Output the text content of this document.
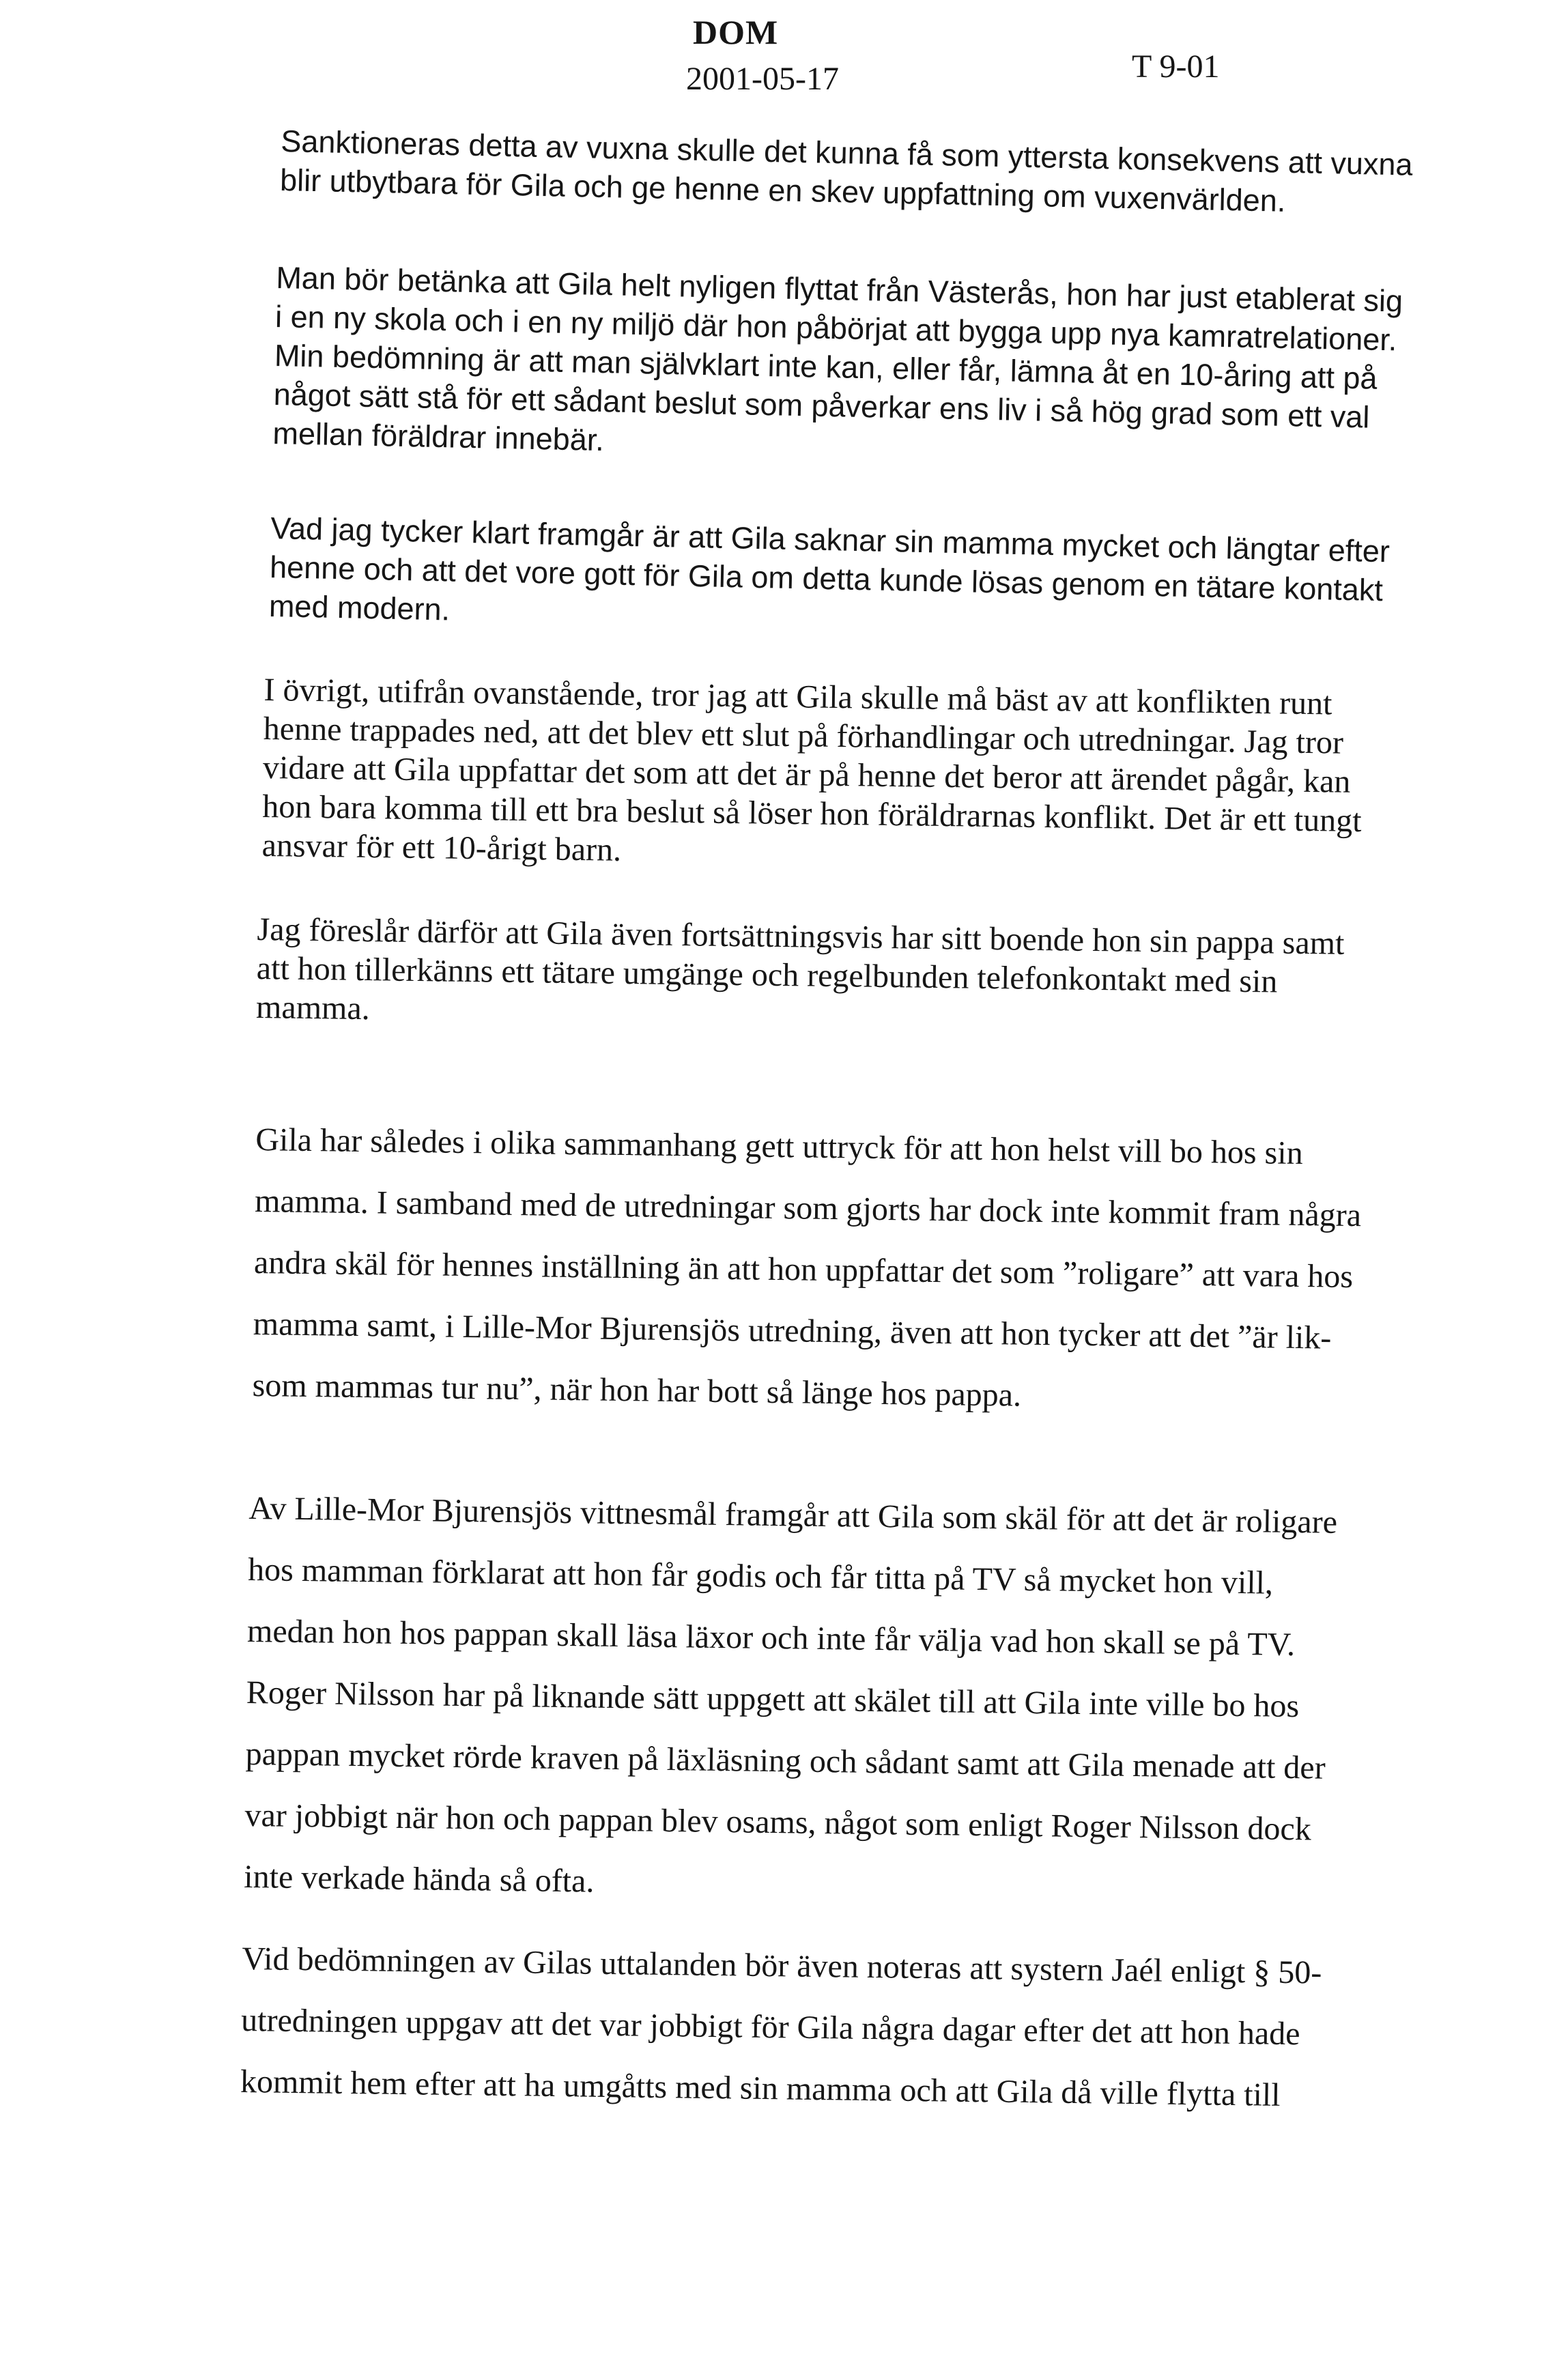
DOM

2001-05-17	T 9-01

Sanktioneras detta av vuxna skulle det kunna få som yttersta konsekvens att vuxna
blir utbytbara för Gila och ge henne en skev uppfattning om vuxenvärlden.

Man bör betänka att Gila helt nyligen flyttat från Västerås, hon har just etablerat sig
i en ny skola och i en ny miljö där hon påbörjat att bygga upp nya kamratrelationer.
Min bedömning är att man självklart inte kan, eller får, lämna åt en 10-åring att på
något sätt stå för ett sådant beslut som påverkar ens liv i så hög grad som ett val
mellan föräldrar innebär.

Vad jag tycker klart framgår är att Gila saknar sin mamma mycket och längtar efter
henne och att det vore gott för Gila om detta kunde lösas genom en tätare kontakt
med modern.

I övrigt, utifrån ovanstående, tror jag att Gila skulle må bäst av att konflikten runt
henne trappades ned, att det blev ett slut på förhandlingar och utredningar. Jag tror
vidare att Gila uppfattar det som att det är på henne det beror att ärendet pågår, kan
hon bara komma till ett bra beslut så löser hon föräldrarnas konflikt. Det är ett tungt
ansvar för ett 10-årigt barn.

Jag föreslår därför att Gila även fortsättningsvis har sitt boende hon sin pappa samt
att hon tillerkänns ett tätare umgänge och regelbunden telefonkontakt med sin
mamma.

Gila har således i olika sammanhang gett uttryck för att hon helst vill bo hos sin
mamma. I samband med de utredningar som gjorts har dock inte kommit fram några
andra skäl för hennes inställning än att hon uppfattar det som ”roligare” att vara hos
mamma samt, i Lille-Mor Bjurensjös utredning, även att hon tycker att det ”är lik-
som mammas tur nu”, när hon har bott så länge hos pappa.

Av Lille-Mor Bjurensjös vittnesmål framgår att Gila som skäl för att det är roligare
hos mamman förklarat att hon får godis och får titta på TV så mycket hon vill,
medan hon hos pappan skall läsa läxor och inte får välja vad hon skall se på TV.
Roger Nilsson har på liknande sätt uppgett att skälet till att Gila inte ville bo hos
pappan mycket rörde kraven på läxläsning och sådant samt att Gila menade att der
var jobbigt när hon och pappan blev osams, något som enligt Roger Nilsson dock
inte verkade hända så ofta.

Vid bedömningen av Gilas uttalanden bör även noteras att systern Jaél enligt § 50-
utredningen uppgav att det var jobbigt för Gila några dagar efter det att hon hade
kommit hem efter att ha umgåtts med sin mamma och att Gila då ville flytta till
